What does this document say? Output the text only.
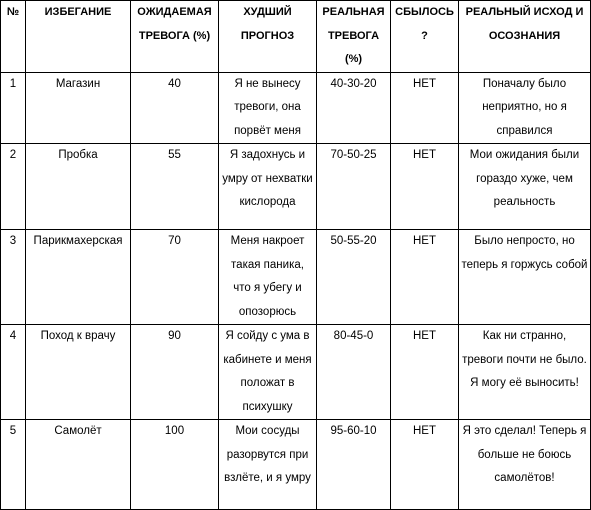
№	ИЗБЕГАНИЕ	ОЖИДАЕМАЯ ТРЕВОГА (%)	ХУДШИЙ ПРОГНОЗ	РЕАЛЬНАЯ ТРЕВОГА (%)	СБЫЛОСЬ ?	РЕАЛЬНЫЙ ИСХОД И ОСОЗНАНИЯ
1	Магазин	40	Я не вынесу тревоги, она порвёт меня	40-30-20	НЕТ	Поначалу было неприятно, но я справился
2	Пробка	55	Я задохнусь и умру от нехватки кислорода	70-50-25	НЕТ	Мои ожидания были гораздо хуже, чем реальность
3	Парикмахерская	70	Меня накроет такая паника, что я убегу и опозорюсь	50-55-20	НЕТ	Было непросто, но теперь я горжусь собой
4	Поход к врачу	90	Я сойду с ума в кабинете и меня положат в психушку	80-45-0	НЕТ	Как ни странно, тревоги почти не было. Я могу её выносить!
5	Самолёт	100	Мои сосуды разорвутся при взлёте, и я умру	95-60-10	НЕТ	Я это сделал! Теперь я больше не боюсь самолётов!
